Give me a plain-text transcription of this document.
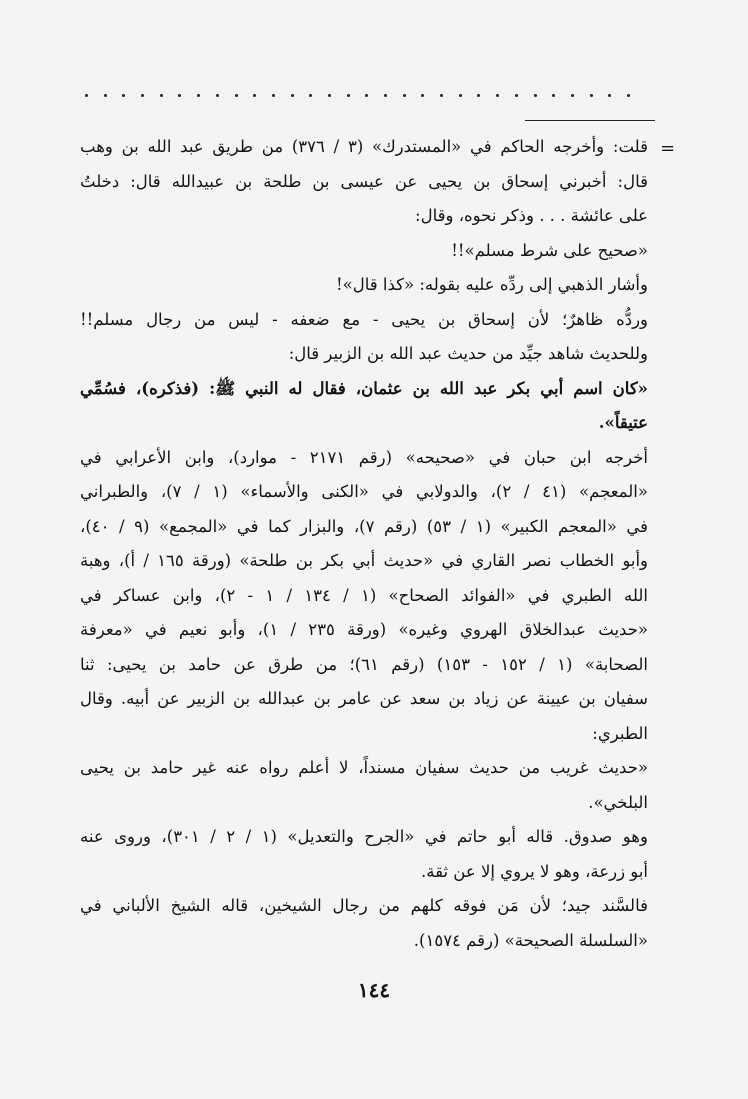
=
قلت: وأخرجه الحاكم في «المستدرك» (٣ / ٣٧٦) من طريق عبد الله بن وهب
قال: أخبرني إسحاق بن يحيى عن عيسى بن طلحة بن عبيدالله قال: دخلتُ
على عائشة . . . وذكر نحوه، وقال:
«صحيح على شرط مسلم»!!
وأشار الذهبي إلى ردِّه عليه بقوله: «كذا قال»!
وردُّه ظاهرٌ؛ لأن إسحاق بن يحيى - مع ضعفه - ليس من رجال مسلم!!
وللحديث شاهد جيِّد من حديث عبد الله بن الزبير قال:
«كان اسم أبي بكر عبد الله بن عثمان، فقال له النبي ﷺ: (فذكره)، فسُمِّي
عتيقاً».
أخرجه ابن حبان في «صحيحه» (رقم ٢١٧١ - موارد)، وابن الأعرابي في
«المعجم» (٤١ / ٢)، والدولابي في «الكنى والأسماء» (١ / ٧)، والطبراني
في «المعجم الكبير» (١ / ٥٣) (رقم ٧)، والبزار كما في «المجمع» (٩ / ٤٠)،
وأبو الخطاب نصر القاري في «حديث أبي بكر بن طلحة» (ورقة ١٦٥ / أ)، وهبة
الله الطبري في «الفوائد الصحاح» (١ / ١٣٤ / ١ - ٢)، وابن عساكر في
«حديث عبدالخلاق الهروي وغيره» (ورقة ٢٣٥ / ١)، وأبو نعيم في «معرفة
الصحابة» (١ / ١٥٢ - ١٥٣) (رقم ٦١)؛ من طرق عن حامد بن يحيى: ثنا
سفيان بن عيينة عن زياد بن سعد عن عامر بن عبدالله بن الزبير عن أبيه. وقال
الطبري:
«حديث غريب من حديث سفيان مسنداً، لا أعلم رواه عنه غير حامد بن يحيى
البلخي».
وهو صدوق. قاله أبو حاتم في «الجرح والتعديل» (١ / ٢ / ٣٠١)، وروى عنه
أبو زرعة، وهو لا يروي إلا عن ثقة.
فالسَّند جيد؛ لأن مَن فوقه كلهم من رجال الشيخين، قاله الشيخ الألباني في
«السلسلة الصحيحة» (رقم ١٥٧٤).
١٤٤
